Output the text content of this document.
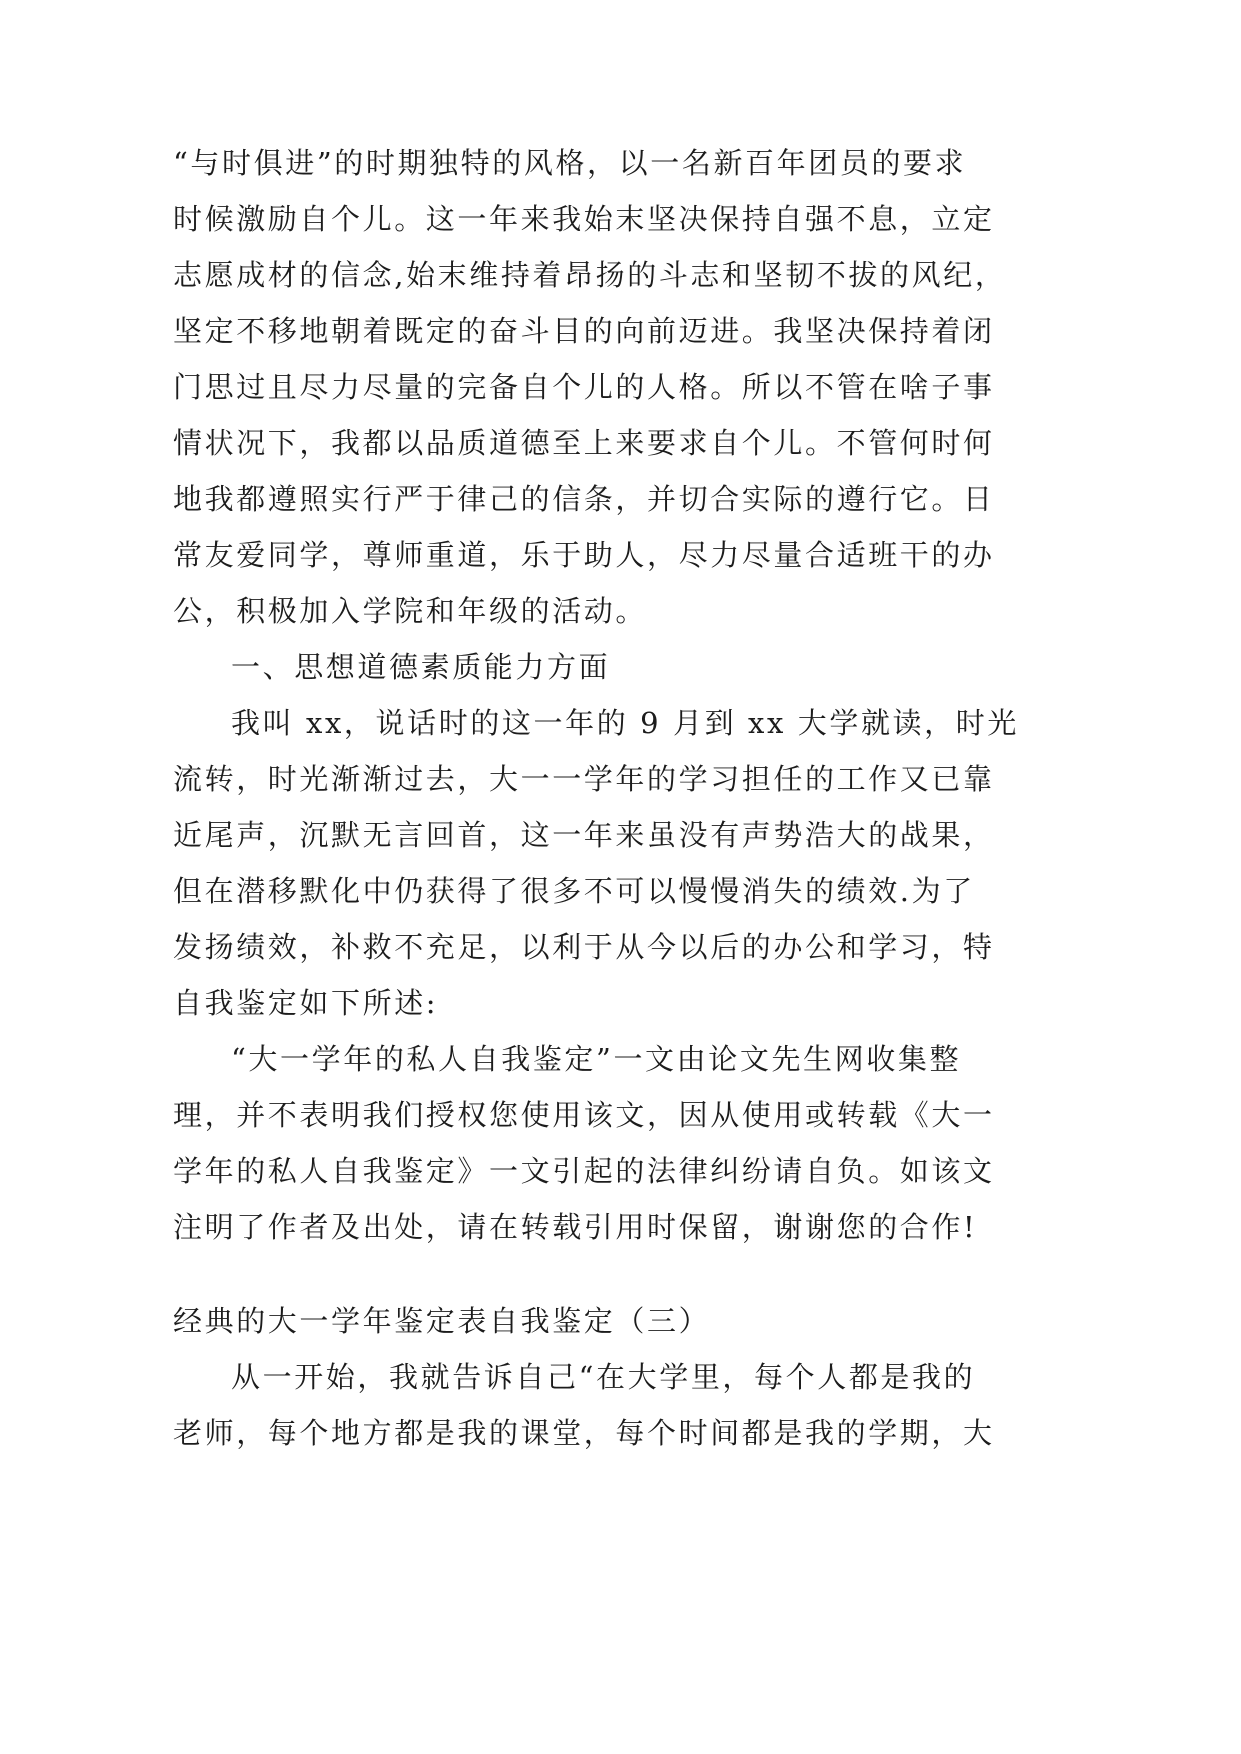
“与时俱进”的时期独特的风格，以一名新百年团员的要求
时候激励自个儿。这一年来我始末坚决保持自强不息，立定
志愿成材的信念,始末维持着昂扬的斗志和坚韧不拔的风纪，
坚定不移地朝着既定的奋斗目的向前迈进。我坚决保持着闭
门思过且尽力尽量的完备自个儿的人格。所以不管在啥子事
情状况下，我都以品质道德至上来要求自个儿。不管何时何
地我都遵照实行严于律己的信条，并切合实际的遵行它。日
常友爱同学，尊师重道，乐于助人，尽力尽量合适班干的办
公，积极加入学院和年级的活动。
一、思想道德素质能力方面
我叫 xx，说话时的这一年的 9 月到 xx 大学就读，时光
流转，时光渐渐过去，大一一学年的学习担任的工作又已靠
近尾声，沉默无言回首，这一年来虽没有声势浩大的战果，
但在潜移默化中仍获得了很多不可以慢慢消失的绩效.为了
发扬绩效，补救不充足，以利于从今以后的办公和学习，特
自我鉴定如下所述:
“大一学年的私人自我鉴定”一文由论文先生网收集整
理，并不表明我们授权您使用该文，因从使用或转载《大一
学年的私人自我鉴定》一文引起的法律纠纷请自负。如该文
注明了作者及出处，请在转载引用时保留，谢谢您的合作!
经典的大一学年鉴定表自我鉴定（三）
从一开始，我就告诉自己“在大学里，每个人都是我的
老师，每个地方都是我的课堂，每个时间都是我的学期，大
